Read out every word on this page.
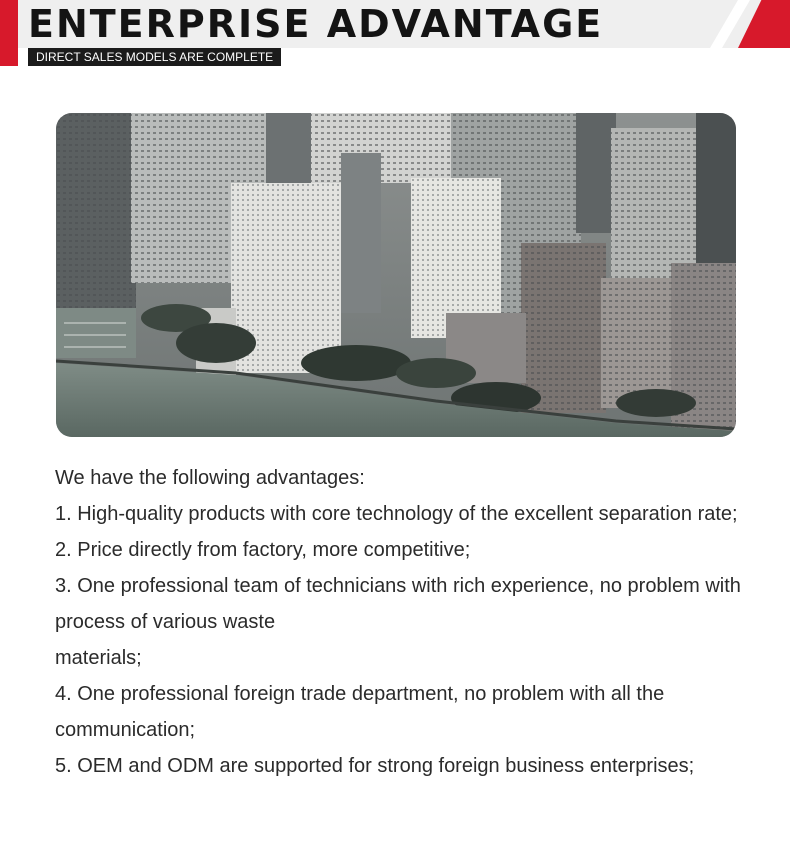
ENTERPRISE ADVANTAGE
DIRECT SALES MODELS ARE COMPLETE

We have the following advantages:

1. High-quality products with core technology of the excellent separation rate;

2. Price directly from factory, more competitive;

3. One professional team of technicians with rich experience, no problem with process of various waste

materials;

4. One professional foreign trade department, no problem with all the communication;

5. OEM and ODM are supported for strong foreign business enterprises;
